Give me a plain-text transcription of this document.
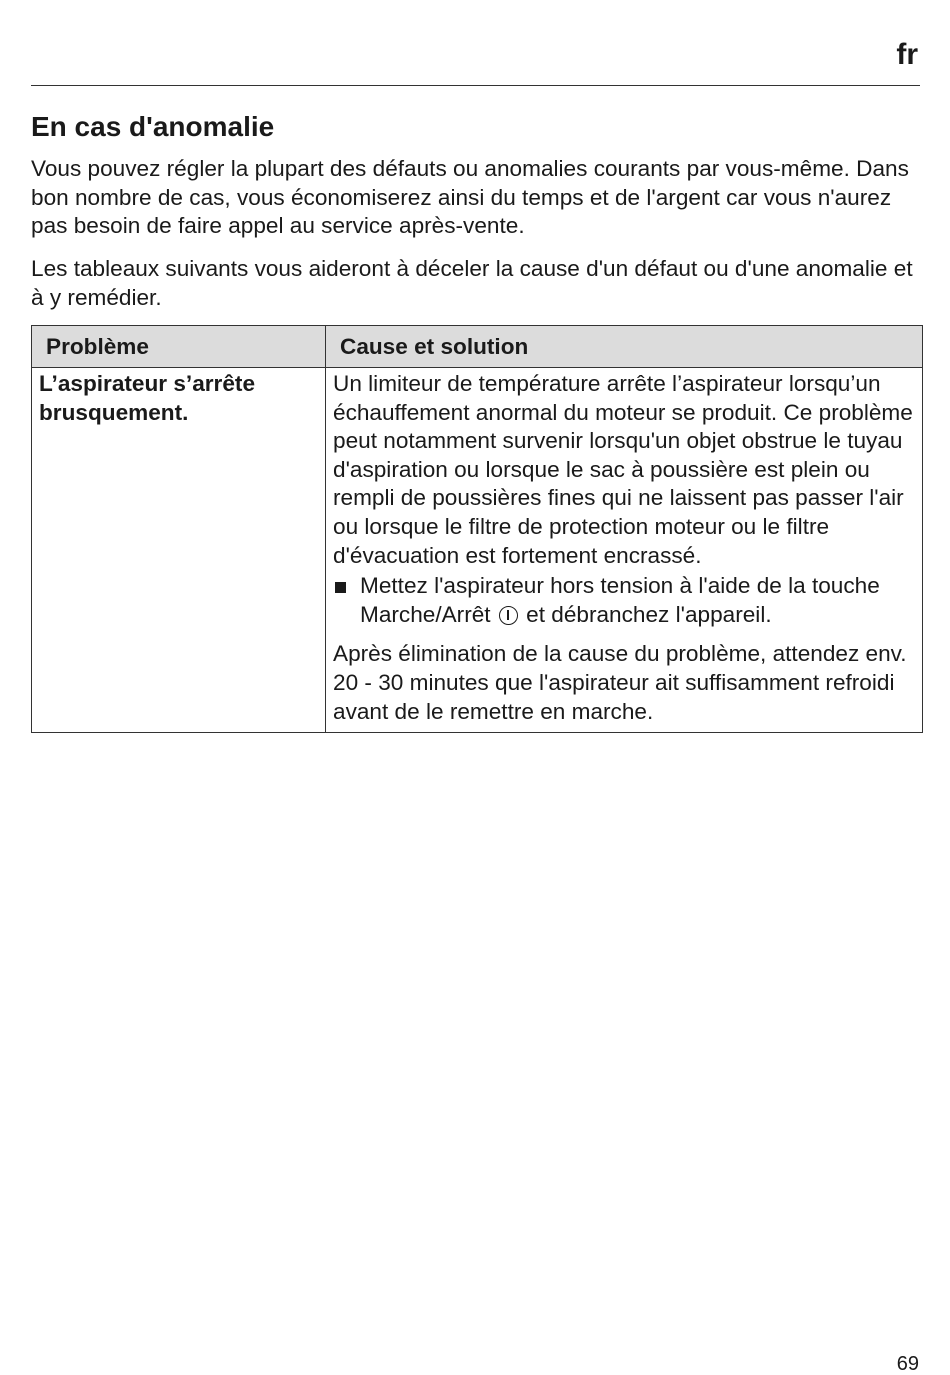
fr
En cas d'anomalie

Vous pouvez régler la plupart des défauts ou anomalies courants par vous-même. Dans bon nombre de cas, vous économiserez ainsi du temps et de l'argent car vous n'aurez pas besoin de faire appel au service après-vente.

Les tableaux suivants vous aideront à déceler la cause d'un défaut ou d'une anomalie et à y remédier.

Problème	Cause et solution
L’aspirateur s’arrête brusquement.	Un limiteur de température arrête l’aspirateur lorsqu’un échauffement anormal du moteur se produit. Ce problème peut notamment survenir lorsqu'un objet obstrue le tuyau d'aspiration ou lorsque le sac à poussière est plein ou rempli de poussières fines qui ne laissent pas passer l'air ou lorsque le filtre de protection moteur ou le filtre d'évacuation est fortement encrassé.

Mettez l'aspirateur hors tension à l'aide de la touche Marche/Arrêt et débranchez l'appareil.

Après élimination de la cause du problème, attendez env. 20 - 30 minutes que l'aspirateur ait suffisamment refroidi avant de le remettre en marche.

69
